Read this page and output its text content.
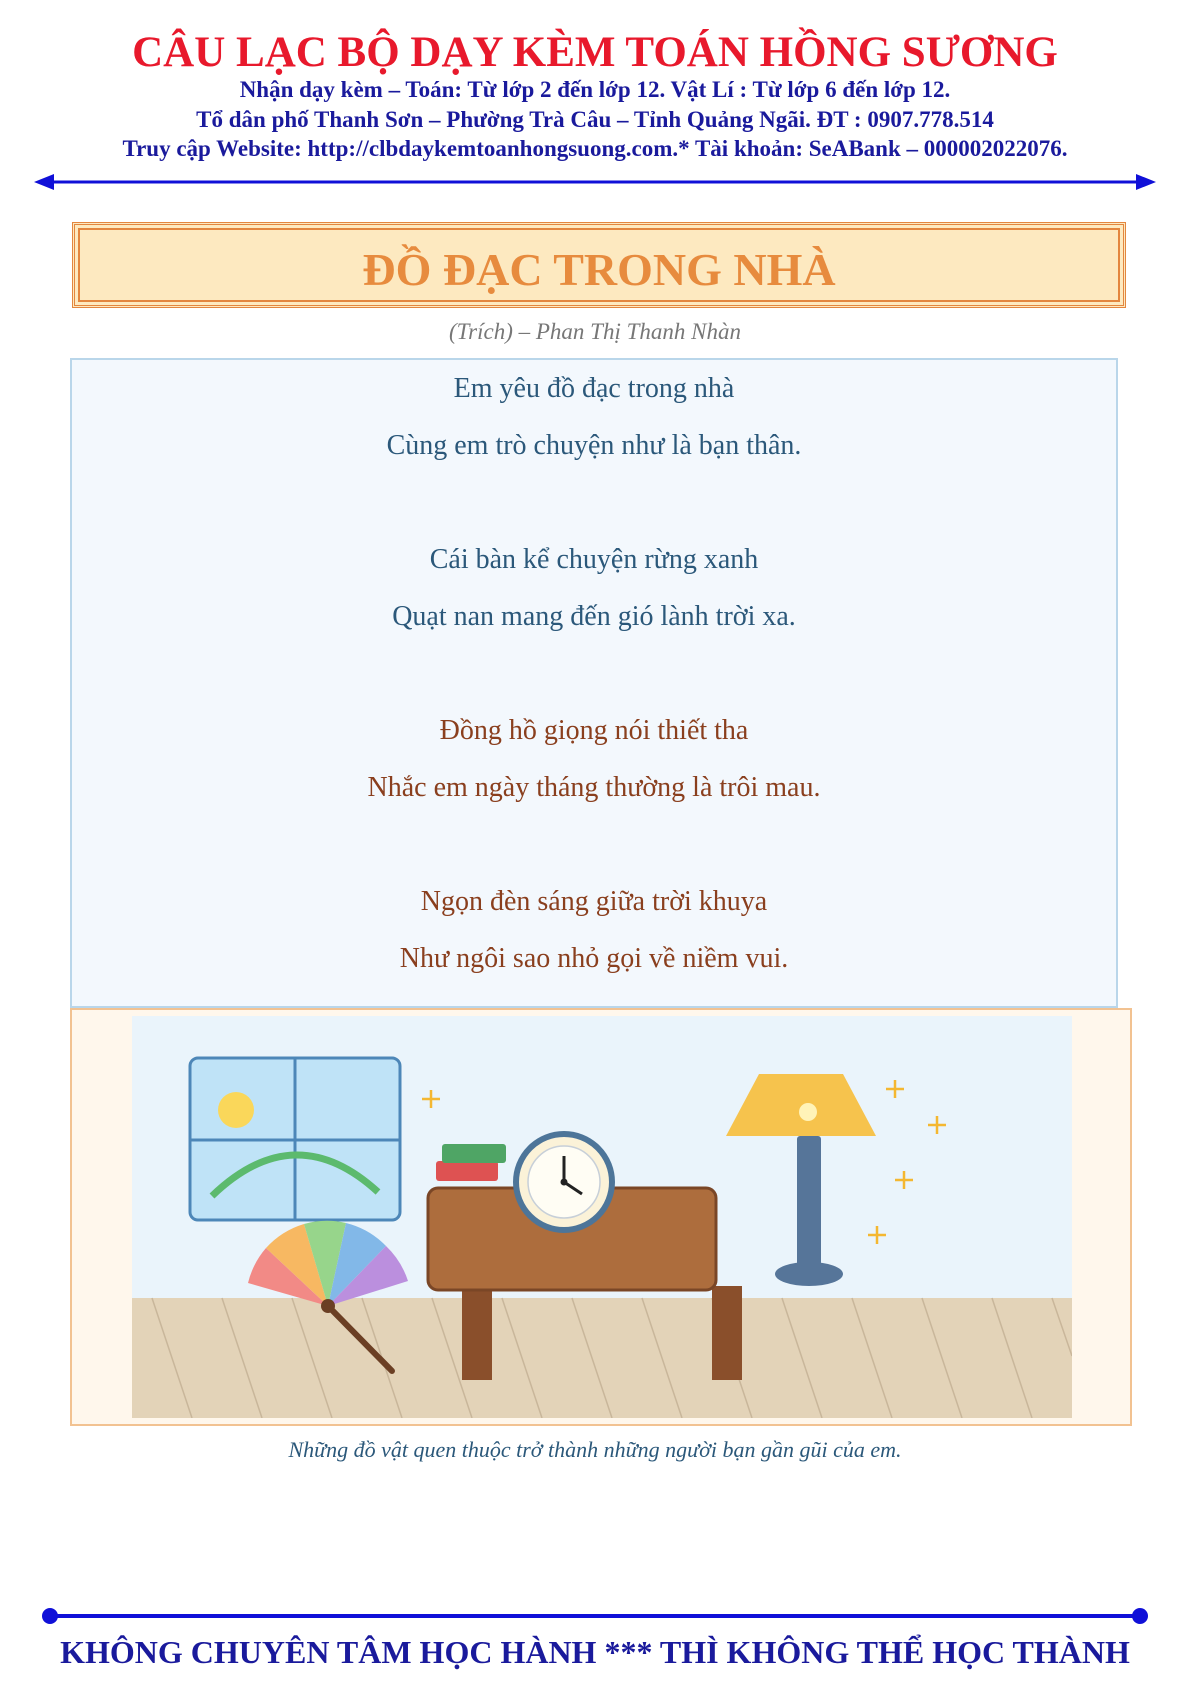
CÂU LẠC BỘ DẠY KÈM TOÁN HỒNG SƯƠNG
Nhận dạy kèm – Toán: Từ lớp 2 đến lớp 12. Vật Lí : Từ lớp 6 đến lớp 12.
Tổ dân phố Thanh Sơn – Phường Trà Câu – Tỉnh Quảng Ngãi. ĐT : 0907.778.514
Truy cập Website: http://clbdaykemtoanhongsuong.com.* Tài khoản: SeABank – 000002022076.
ĐỒ ĐẠC TRONG NHÀ
(Trích) – Phan Thị Thanh Nhàn
Em yêu đồ đạc trong nhà
Cùng em trò chuyện như là bạn thân.
Cái bàn kể chuyện rừng xanh
Quạt nan mang đến gió lành trời xa.
Đồng hồ giọng nói thiết tha
Nhắc em ngày tháng thường là trôi mau.
Ngọn đèn sáng giữa trời khuya
Như ngôi sao nhỏ gọi về niềm vui.
Những đồ vật quen thuộc trở thành những người bạn gần gũi của em.
KHÔNG CHUYÊN TÂM HỌC HÀNH *** THÌ KHÔNG THỂ HỌC THÀNH
